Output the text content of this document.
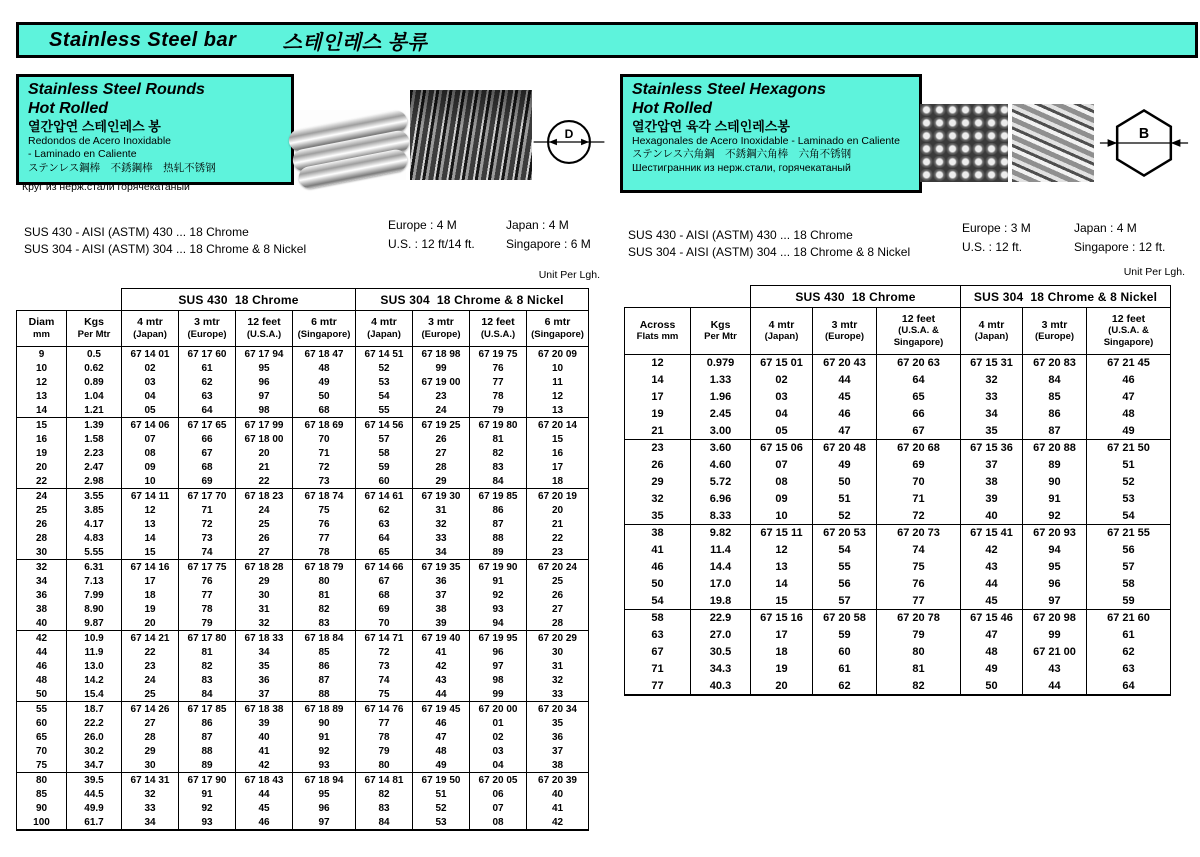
Stainless Steel bar 스테인레스 봉류
Stainless Steel Rounds
Hot Rolled
열간압연 스테인레스 봉
Redondos de Acero Inoxidable
- Laminado en Caliente
ステンレス鋼棒　不銹鋼棒　热轧不锈钢
Круг из нерж.стали горячекатаный
D
SUS 430 - AISI (ASTM) 430 ... 18 Chrome
SUS 304 - AISI (ASTM) 304 ... 18 Chrome & 8 Nickel
Europe : 4 M	Japan : 4 M
U.S. : 12 ft/14 ft.	Singapore : 6 M
Unit Per Lgh.
		SUS 430  18 Chrome				SUS 304  18 Chrome & 8 Nickel			

Diam
mm

Kgs
Per Mtr

4 mtr
(Japan)

3 mtr
(Europe)

12 feet
(U.S.A.)

6 mtr
(Singapore)

4 mtr
(Japan)

3 mtr
(Europe)

12 feet
(U.S.A.)

6 mtr
(Singapore)

9	0.5	67 14 01	67 17 60	67 17 94	67 18 47	67 14 51	67 18 98	67 19 75	67 20 09
10	0.62	02	61	95	48	52	99	76	10
12	0.89	03	62	96	49	53	67 19 00	77	11
13	1.04	04	63	97	50	54	23	78	12
14	1.21	05	64	98	68	55	24	79	13
15	1.39	67 14 06	67 17 65	67 17 99	67 18 69	67 14 56	67 19 25	67 19 80	67 20 14
16	1.58	07	66	67 18 00	70	57	26	81	15
19	2.23	08	67	20	71	58	27	82	16
20	2.47	09	68	21	72	59	28	83	17
22	2.98	10	69	22	73	60	29	84	18
24	3.55	67 14 11	67 17 70	67 18 23	67 18 74	67 14 61	67 19 30	67 19 85	67 20 19
25	3.85	12	71	24	75	62	31	86	20
26	4.17	13	72	25	76	63	32	87	21
28	4.83	14	73	26	77	64	33	88	22
30	5.55	15	74	27	78	65	34	89	23
32	6.31	67 14 16	67 17 75	67 18 28	67 18 79	67 14 66	67 19 35	67 19 90	67 20 24
34	7.13	17	76	29	80	67	36	91	25
36	7.99	18	77	30	81	68	37	92	26
38	8.90	19	78	31	82	69	38	93	27
40	9.87	20	79	32	83	70	39	94	28
42	10.9	67 14 21	67 17 80	67 18 33	67 18 84	67 14 71	67 19 40	67 19 95	67 20 29
44	11.9	22	81	34	85	72	41	96	30
46	13.0	23	82	35	86	73	42	97	31
48	14.2	24	83	36	87	74	43	98	32
50	15.4	25	84	37	88	75	44	99	33
55	18.7	67 14 26	67 17 85	67 18 38	67 18 89	67 14 76	67 19 45	67 20 00	67 20 34
60	22.2	27	86	39	90	77	46	01	35
65	26.0	28	87	40	91	78	47	02	36
70	30.2	29	88	41	92	79	48	03	37
75	34.7	30	89	42	93	80	49	04	38
80	39.5	67 14 31	67 17 90	67 18 43	67 18 94	67 14 81	67 19 50	67 20 05	67 20 39
85	44.5	32	91	44	95	82	51	06	40
90	49.9	33	92	45	96	83	52	07	41
100	61.7	34	93	46	97	84	53	08	42
Stainless Steel Hexagons
Hot Rolled
열간압연 육각 스테인레스봉
Hexagonales de Acero Inoxidable - Laminado en Caliente
ステンレス六角鋼　不銹鋼六角棒　六角不锈钢
Шестигранник из нерж.стали, горячекатаный
B
SUS 430 - AISI (ASTM) 430 ... 18 Chrome
SUS 304 - AISI (ASTM) 304 ... 18 Chrome & 8 Nickel
Europe : 3 M	Japan : 4 M
U.S. : 12 ft.	Singapore : 12 ft.
Unit Per Lgh.
		SUS 430  18 Chrome			SUS 304  18 Chrome & 8 Nickel		

Across
Flats mm

Kgs
Per Mtr

4 mtr
(Japan)

3 mtr
(Europe)

12 feet
(U.S.A. &
Singapore)

4 mtr
(Japan)

3 mtr
(Europe)

12 feet
(U.S.A. &
Singapore)

12	0.979	67 15 01	67 20 43	67 20 63	67 15 31	67 20 83	67 21 45
14	1.33	02	44	64	32	84	46
17	1.96	03	45	65	33	85	47
19	2.45	04	46	66	34	86	48
21	3.00	05	47	67	35	87	49
23	3.60	67 15 06	67 20 48	67 20 68	67 15 36	67 20 88	67 21 50
26	4.60	07	49	69	37	89	51
29	5.72	08	50	70	38	90	52
32	6.96	09	51	71	39	91	53
35	8.33	10	52	72	40	92	54
38	9.82	67 15 11	67 20 53	67 20 73	67 15 41	67 20 93	67 21 55
41	11.4	12	54	74	42	94	56
46	14.4	13	55	75	43	95	57
50	17.0	14	56	76	44	96	58
54	19.8	15	57	77	45	97	59
58	22.9	67 15 16	67 20 58	67 20 78	67 15 46	67 20 98	67 21 60
63	27.0	17	59	79	47	99	61
67	30.5	18	60	80	48	67 21 00	62
71	34.3	19	61	81	49	43	63
77	40.3	20	62	82	50	44	64
